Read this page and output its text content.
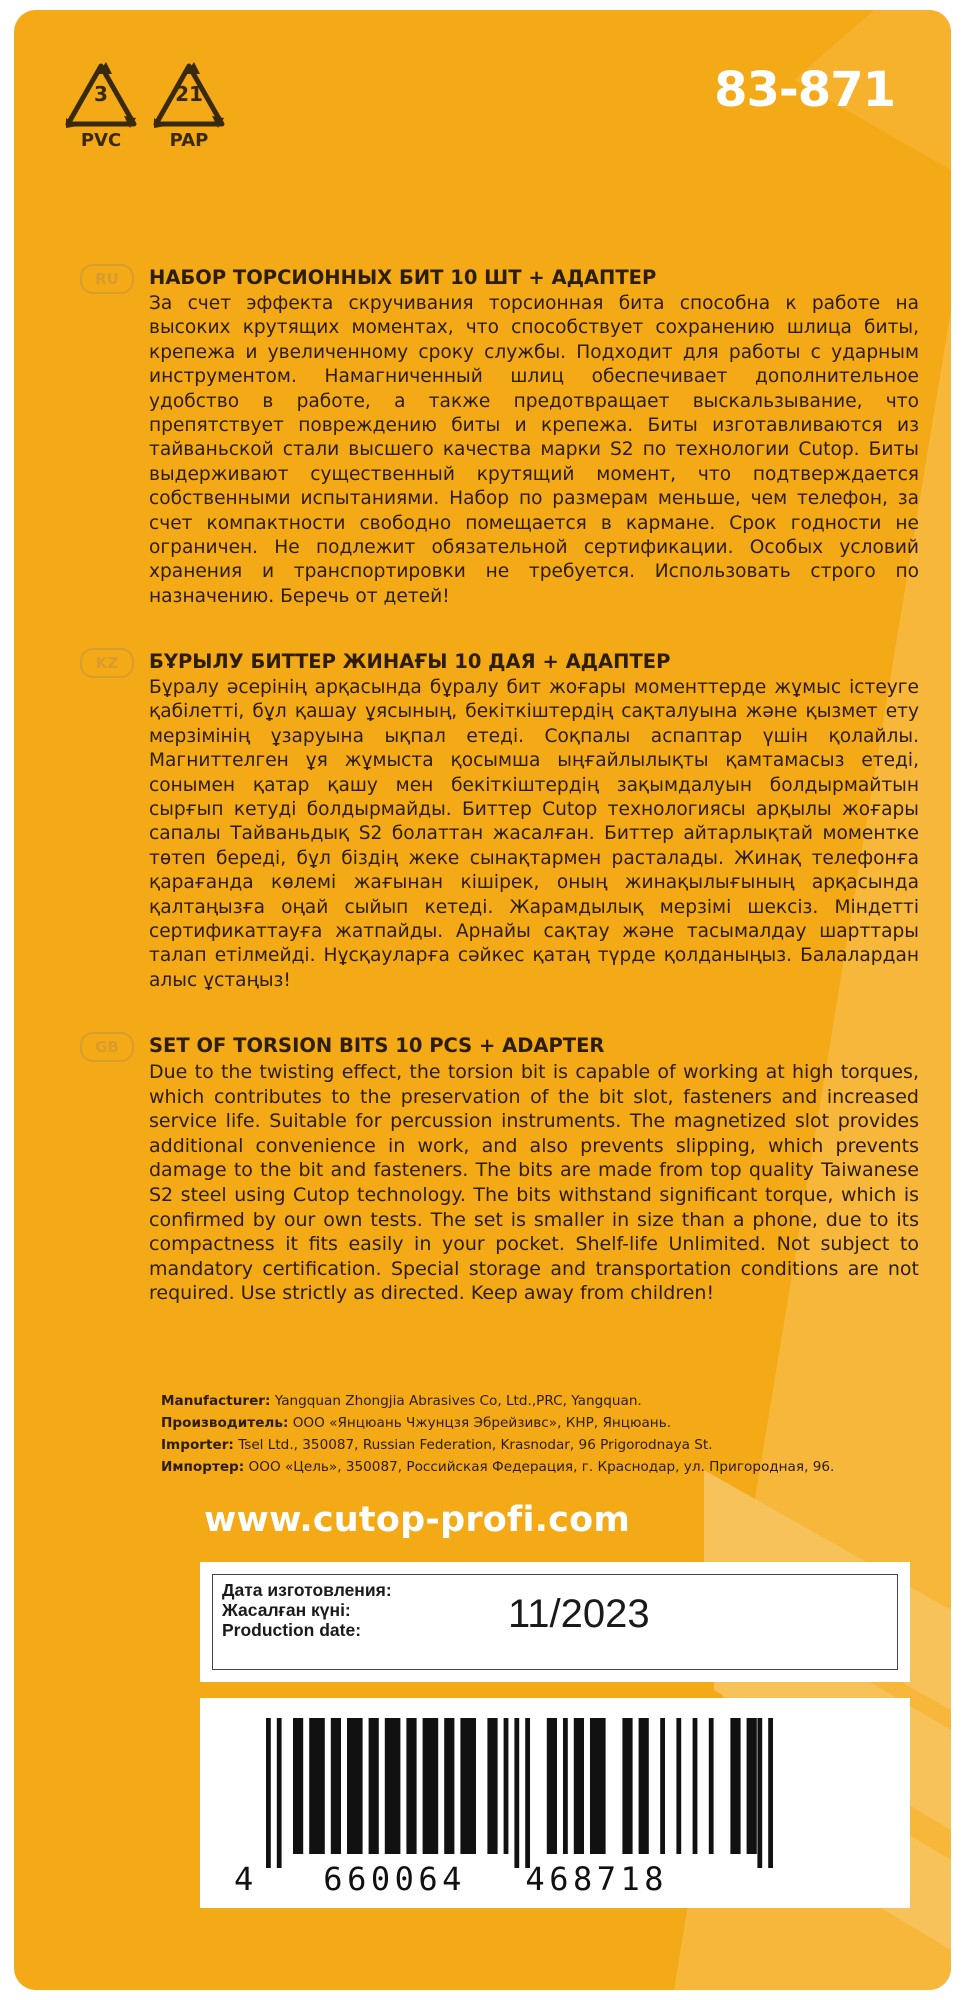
3
PVC
21
PAP
83-871
RU	НАБОР ТОРСИОННЫХ БИТ 10 ШТ + АДАПТЕР

За счет эффекта скручивания торсионная бита способна к работе на высоких крутящих моментах, что способствует сохранению шлица биты, крепежа и увеличенному сроку службы. Подходит для работы с ударным инструментом. Намагниченный шлиц обеспечивает дополнительное удобство в работе, а также предотвращает выскальзывание, что препятствует повреждению биты и крепежа. Биты изготавливаются из тайваньской стали высшего качества марки S2 по технологии Cutop. Биты выдерживают существенный крутящий момент, что подтверждается собственными испытаниями. Набор по размерам меньше, чем телефон, за счет компактности свободно помещается в кармане. Срок годности не ограничен. Не подлежит обязательной сертификации. Особых условий хранения и транспортировки не требуется. Использовать строго по назначению. Беречь от детей!

KZ	БҰРЫЛУ БИТТЕР ЖИНАҒЫ 10 ДАЯ + АДАПТЕР

Бұралу әсерінің арқасында бұралу бит жоғары моменттерде жұмыс істеуге қабілетті, бұл қашау ұясының, бекіткіштердің сақталуына және қызмет ету мерзімінің ұзаруына ықпал етеді. Соқпалы аспаптар үшін қолайлы. Магниттелген ұя жұмыста қосымша ыңғайлылықты қамтамасыз етеді, сонымен қатар қашу мен бекіткіштердің зақымдалуын болдырмайтын сырғып кетуді болдырмайды. Биттер Cutop технологиясы арқылы жоғары сапалы Тайваньдық S2 болаттан жасалған. Биттер айтарлықтай моментке төтеп береді, бұл біздің жеке сынақтармен расталады. Жинақ телефонға қарағанда көлемі жағынан кішірек, оның жинақылығының арқасында қалтаңызға оңай сыйып кетеді. Жарамдылық мерзімі шексіз. Міндетті сертификаттауға жатпайды. Арнайы сақтау және тасымалдау шарттары талап етілмейді. Нұсқауларға сәйкес қатаң түрде қолданыңыз. Балалардан алыс ұстаңыз!

GB	SET OF TORSION BITS 10 PCS + ADAPTER

Due to the twisting effect, the torsion bit is capable of working at high torques, which contributes to the preservation of the bit slot, fasteners and increased service life. Suitable for percussion instruments. The magnetized slot provides additional convenience in work, and also prevents slipping, which prevents damage to the bit and fasteners. The bits are made from top quality Taiwanese S2 steel using Cutop technology. The bits withstand significant torque, which is confirmed by our own tests. The set is smaller in size than a phone, due to its compactness it fits easily in your pocket. Shelf-life Unlimited. Not subject to mandatory certification. Special storage and transportation conditions are not required. Use strictly as directed. Keep away from children!

Manufacturer: Yangquan Zhongjia Abrasives Co, Ltd.,PRC, Yangquan.
Производитель: ООО «Янцюань Чжунцзя Эбрейзивс», КНР, Янцюань.
Importer: Tsel Ltd., 350087, Russian Federation, Krasnodar, 96 Prigorodnaya St.
Импортер: ООО «Цель», 350087, Российская Федерация, г. Краснодар, ул. Пригородная, 96.
www.cutop-profi.com
Дата изготовления:
Жасалған күні:
Production date:	11/2023
4 660064 468718
